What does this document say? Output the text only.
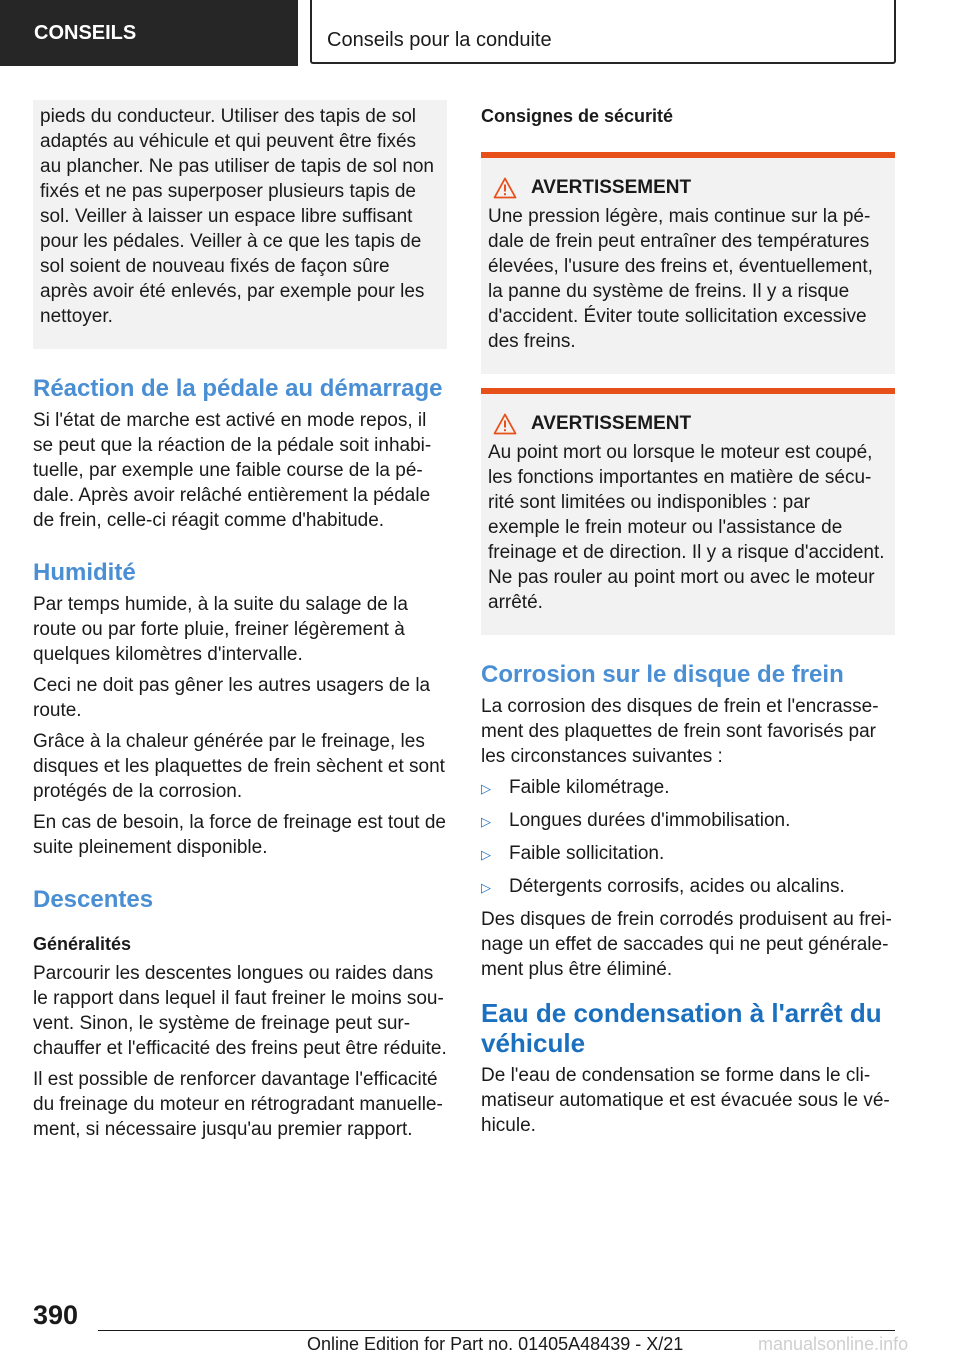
CONSEILS	Conseils pour la conduite

pieds du conducteur. Utiliser des tapis de sol adaptés au véhicule et qui peuvent être fixés au plancher. Ne pas utiliser de tapis de sol non fixés et ne pas superposer plusieurs tapis de sol. Veiller à laisser un espace libre suffisant pour les pédales. Veiller à ce que les tapis de sol soient de nouveau fixés de façon sûre après avoir été enlevés, par exemple pour les nettoyer.

Réaction de la pédale au démarrage

Si l'état de marche est activé en mode repos, il se peut que la réaction de la pédale soit inhabituelle, par exemple une faible course de la pédale. Après avoir relâché entièrement la pédale de frein, celle-ci réagit comme d'habitude.

Humidité

Par temps humide, à la suite du salage de la route ou par forte pluie, freiner légèrement à quelques kilomètres d'intervalle.

Ceci ne doit pas gêner les autres usagers de la route.

Grâce à la chaleur générée par le freinage, les disques et les plaquettes de frein sèchent et sont protégés de la corrosion.

En cas de besoin, la force de freinage est tout de suite pleinement disponible.

Descentes
Généralités

Parcourir les descentes longues ou raides dans le rapport dans lequel il faut freiner le moins souvent. Sinon, le système de freinage peut surchauffer et l'efficacité des freins peut être réduite.

Il est possible de renforcer davantage l'efficacité du freinage du moteur en rétrogradant manuellement, si nécessaire jusqu'au premier rapport.

Consignes de sécurité
AVERTISSEMENT

Une pression légère, mais continue sur la pédale de frein peut entraîner des températures élevées, l'usure des freins et, éventuellement, la panne du système de freins. Il y a risque d'accident. Éviter toute sollicitation excessive des freins.

AVERTISSEMENT

Au point mort ou lorsque le moteur est coupé, les fonctions importantes en matière de sécurité sont limitées ou indisponibles : par exemple le frein moteur ou l'assistance de freinage et de direction. Il y a risque d'accident. Ne pas rouler au point mort ou avec le moteur arrêté.

Corrosion sur le disque de frein

La corrosion des disques de frein et l'encrassement des plaquettes de frein sont favorisés par les circonstances suivantes :

▷ Faible kilométrage.
▷ Longues durées d'immobilisation.
▷ Faible sollicitation.
▷ Détergents corrosifs, acides ou alcalins.

Des disques de frein corrodés produisent au freinage un effet de saccades qui ne peut généralement plus être éliminé.

Eau de condensation à l'arrêt du véhicule

De l'eau de condensation se forme dans le climatiseur automatique et est évacuée sous le véhicule.

390
Online Edition for Part no. 01405A48439 - X/21	manualsonline.info
